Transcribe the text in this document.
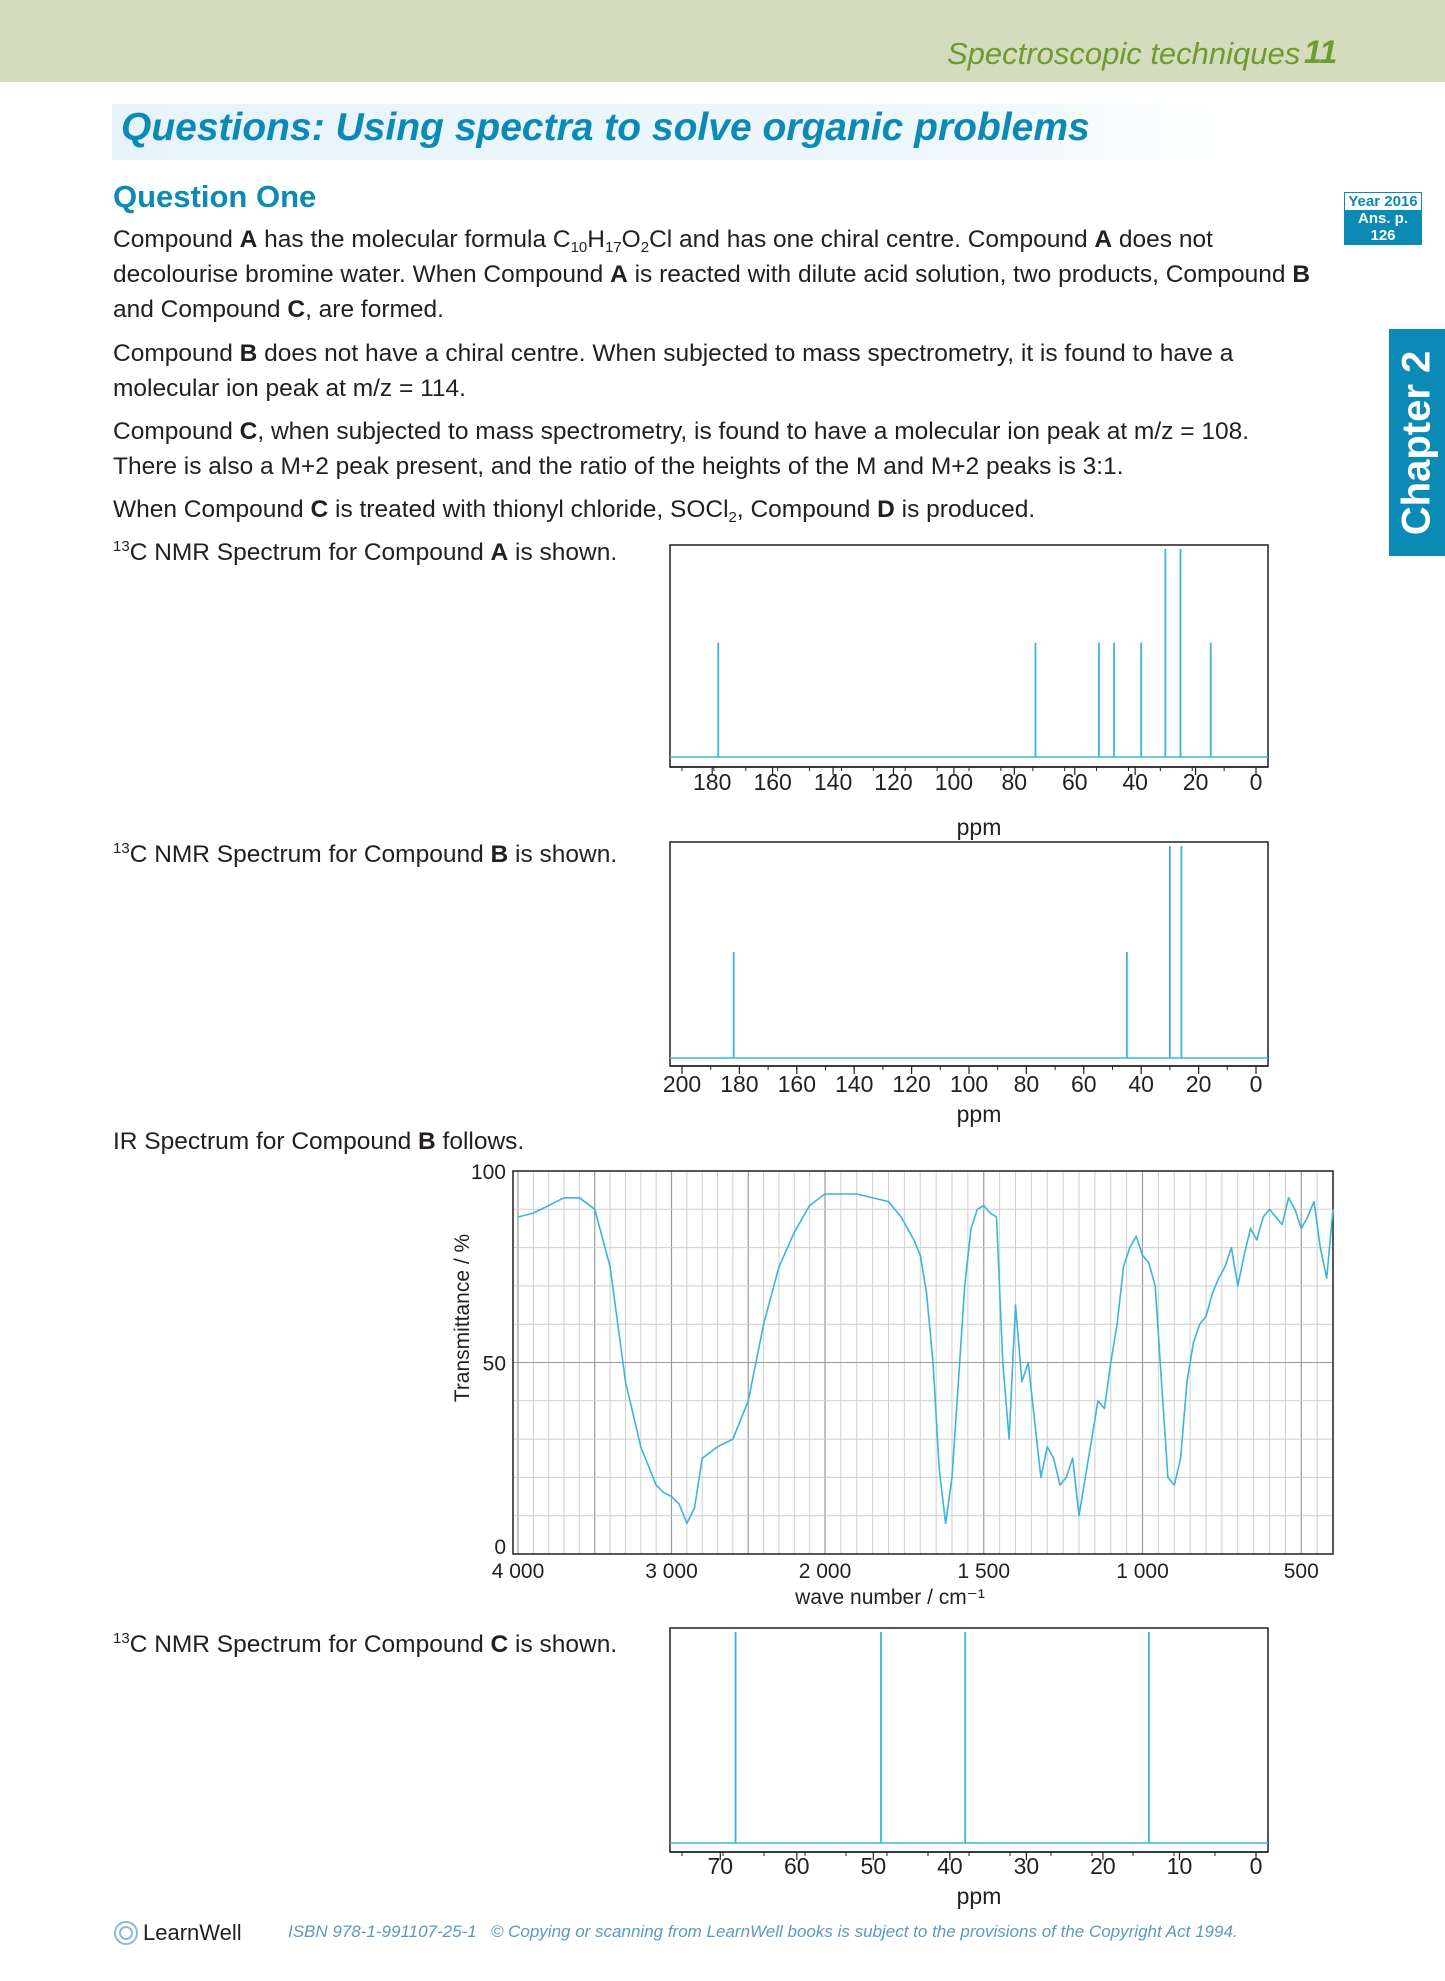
Spectroscopic techniques 11
Questions: Using spectra to solve organic problems
Question One	Year 2016
Ans. p. 126
Chapter 2
Compound A has the molecular formula $C_{10}H_{17}O_2Cl$ and has one chiral centre. Compound A does not decolourise bromine water. When Compound A is reacted with dilute acid solution, two products, Compound B and Compound C, are formed.
Compound B does not have a chiral centre. When subjected to mass spectrometry, it is found to have a molecular ion peak at m/z = 114.
Compound C, when subjected to mass spectrometry, is found to have a molecular ion peak at m/z = 108. There is also a M+2 peak present, and the ratio of the heights of the M and M+2 peaks is 3:1.
When Compound C is treated with thionyl chloride, SOCl$_2$, Compound D is produced.
$^{13}$C NMR Spectrum for Compound A is shown.
$^{13}$C NMR Spectrum for Compound B is shown.
IR Spectrum for Compound B follows.
$^{13}$C NMR Spectrum for Compound C is shown.
180 160 140 120 100 80 60 40 20 0
ppm
200 180 160 140 120 100 80 60 40 20 0
ppm
4 000	3 000	2 000	1 500	1 000	500
wave number / cm⁻¹
0
50
100
Transmittance / %
70 60 50 40 30 20 10 0
ppm
LearnWell	ISBN 978-1-991107-25-1 © Copying or scanning from LearnWell books is subject to the provisions of the Copyright Act 1994.
